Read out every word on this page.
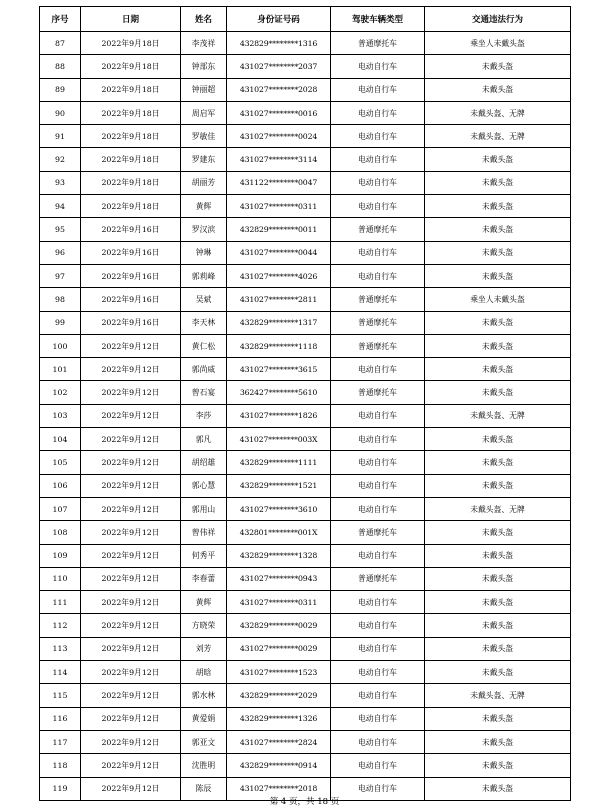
序号	日期	姓名	身份证号码	驾驶车辆类型	交通违法行为
87	2022年9月18日	李茂祥	432829********1316	普通摩托车	乘坐人未戴头盔
88	2022年9月18日	钟部东	431027********2037	电动自行车	未戴头盔
89	2022年9月18日	钟丽超	431027********2028	电动自行车	未戴头盔
90	2022年9月18日	周启军	431027********0016	电动自行车	未戴头盔、无牌
91	2022年9月18日	罗敏佳	431027********0024	电动自行车	未戴头盔、无牌
92	2022年9月18日	罗建东	431027********3114	电动自行车	未戴头盔
93	2022年9月18日	胡丽芳	431122********0047	电动自行车	未戴头盔
94	2022年9月18日	黄辉	431027********0311	电动自行车	未戴头盔
95	2022年9月16日	罗汉滨	432829********0011	普通摩托车	未戴头盔
96	2022年9月16日	钟琳	431027********0044	电动自行车	未戴头盔
97	2022年9月16日	郭莉峰	431027********4026	电动自行车	未戴头盔
98	2022年9月16日	吴斌	431027********2811	普通摩托车	乘坐人未戴头盔
99	2022年9月16日	李天林	432829********1317	普通摩托车	未戴头盔
100	2022年9月12日	黄仁松	432829********1118	普通摩托车	未戴头盔
101	2022年9月12日	郭尚威	431027********3615	电动自行车	未戴头盔
102	2022年9月12日	曾石宴	362427********5610	普通摩托车	未戴头盔
103	2022年9月12日	李莎	431027********1826	电动自行车	未戴头盔、无牌
104	2022年9月12日	郭凡	431027********003X	电动自行车	未戴头盔
105	2022年9月12日	胡绍雄	432829********1111	电动自行车	未戴头盔
106	2022年9月12日	郭心慧	432829********1521	电动自行车	未戴头盔
107	2022年9月12日	郭用山	431027********3610	电动自行车	未戴头盔、无牌
108	2022年9月12日	曾伟祥	432801********001X	普通摩托车	未戴头盔
109	2022年9月12日	何秀平	432829********1328	电动自行车	未戴头盔
110	2022年9月12日	李春蕾	431027********0943	普通摩托车	未戴头盔
111	2022年9月12日	黄辉	431027********0311	电动自行车	未戴头盔
112	2022年9月12日	方晓荣	432829********0029	电动自行车	未戴头盔
113	2022年9月12日	刘芳	431027********0029	电动自行车	未戴头盔
114	2022年9月12日	胡晗	431027********1523	电动自行车	未戴头盔
115	2022年9月12日	郭水林	432829********2029	电动自行车	未戴头盔、无牌
116	2022年9月12日	黄爱娟	432829********1326	电动自行车	未戴头盔
117	2022年9月12日	郭亚文	431027********2824	电动自行车	未戴头盔
118	2022年9月12日	沈胜明	432829********0914	电动自行车	未戴头盔
119	2022年9月12日	陈辰	431027********2018	电动自行车	未戴头盔
第 4 页，共 18 页
